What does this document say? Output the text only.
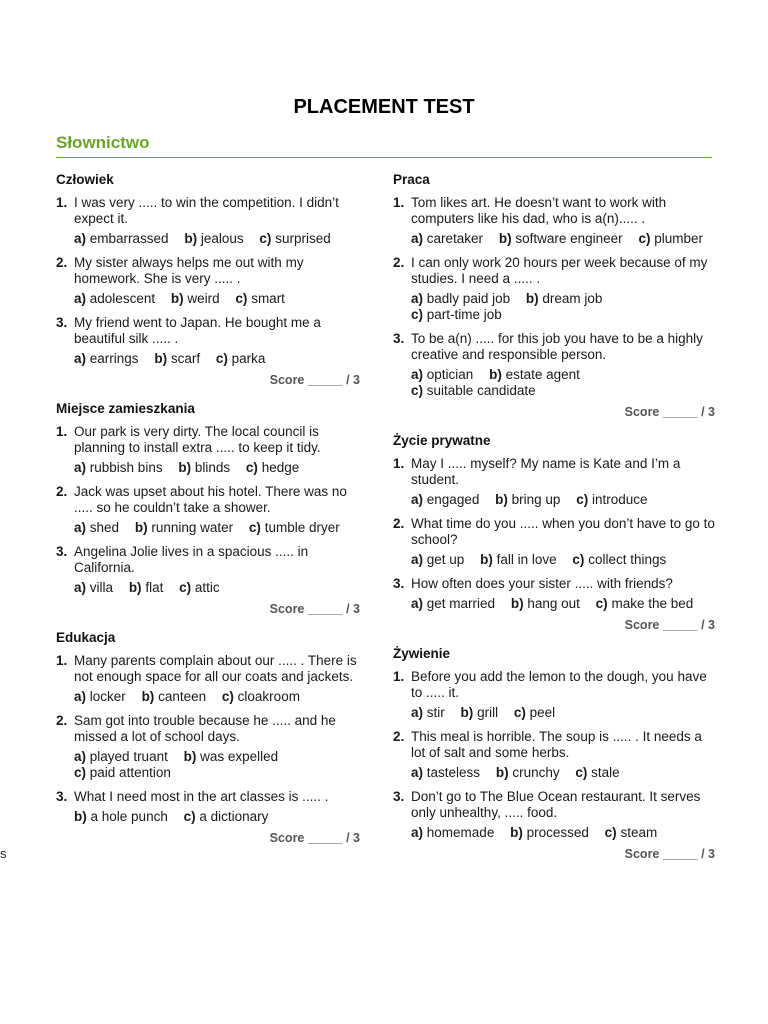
PLACEMENT TEST
Słownictwo
s
Człowiek
1. I was very ..... to win the competition. I didn’t expect it.
a) embarrassed b) jealous c) surprised
2. My sister always helps me out with my homework. She is very ..... .
a) adolescent b) weird c) smart
3. My friend went to Japan. He bought me a beautiful silk ..... .
a) earrings b) scarf c) parka
Score _____ / 3
Miejsce zamieszkania
1. Our park is very dirty. The local council is planning to install extra ..... to keep it tidy.
a) rubbish bins b) blinds c) hedge
2. Jack was upset about his hotel. There was no ..... so he couldn’t take a shower.
a) shed b) running water c) tumble dryer
3. Angelina Jolie lives in a spacious ..... in California.
a) villa b) flat c) attic
Score _____ / 3
Edukacja
1. Many parents complain about our ..... . There is not enough space for all our coats and jackets.
a) locker b) canteen c) cloakroom
2. Sam got into trouble because he ..... and he missed a lot of school days.
a) played truant b) was expelled c) paid attention
3. What I need most in the art classes is ..... .
b) a hole punch c) a dictionary
Score _____ / 3
Praca
1. Tom likes art. He doesn’t want to work with computers like his dad, who is a(n)..... .
a) caretaker b) software engineer c) plumber
2. I can only work 20 hours per week because of my studies. I need a ..... .
a) badly paid job b) dream job c) part-time job
3. To be a(n) ..... for this job you have to be a highly creative and responsible person.
a) optician b) estate agent c) suitable candidate
Score _____ / 3
Życie prywatne
1. May I ..... myself? My name is Kate and I’m a student.
a) engaged b) bring up c) introduce
2. What time do you ..... when you don’t have to go to school?
a) get up b) fall in love c) collect things
3. How often does your sister ..... with friends?
a) get married b) hang out c) make the bed
Score _____ / 3
Żywienie
1. Before you add the lemon to the dough, you have to ..... it.
a) stir b) grill c) peel
2. This meal is horrible. The soup is ..... . It needs a lot of salt and some herbs.
a) tasteless b) crunchy c) stale
3. Don’t go to The Blue Ocean restaurant. It serves only unhealthy, ..... food.
a) homemade b) processed c) steam
Score _____ / 3
